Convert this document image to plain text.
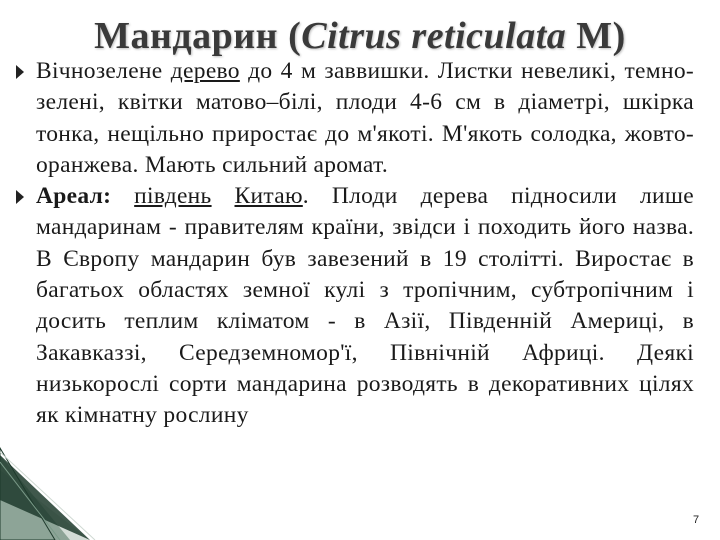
Мандарин (Citrus reticulata M)
Вічнозелене дерево до 4 м заввишки. Листки невеликі, темно-зелені, квітки матово–білі, плоди 4-6 см в діаметрі, шкірка тонка, нещільно приростає до м'якоті. М'якоть солодка, жовто-оранжева. Мають сильний аромат.
Ареал: південь Китаю. Плоди дерева підносили лише мандаринам - правителям країни, звідси і походить його назва. В Європу мандарин був завезений в 19 столітті. Виростає в багатьох областях земної кулі з тропічним, субтропічним і досить теплим кліматом - в Азії, Південній Америці, в Закавказзі, Середземномор'ї, Північній Африці. Деякі низькорослі сорти мандарина розводять в декоративних цілях як кімнатну рослину
7
